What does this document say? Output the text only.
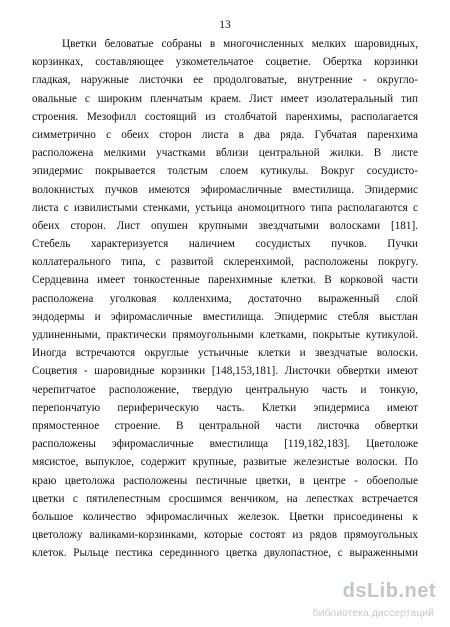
13
Цветки беловатые собраны в многочисленных мелких шаровидных,
корзинках, составляющее узкометельчатое соцветие. Обертка корзинки
гладкая, наружные листочки ее продолговатые, внутренние - округло-
овальные с широким пленчатым краем. Лист имеет изолатеральный тип
строения. Мезофилл состоящий из столбчатой паренхимы, располагается
симметрично с обеих сторон листа в два ряда. Губчатая паренхима
расположена мелкими участками вблизи центральной жилки. В листе
эпидермис покрывается толстым слоем кутикулы. Вокруг сосудисто-
волокнистых пучков имеются эфиромасличные вместилища. Эпидермис
листа с извилистыми стенками, устьица аномоцитного типа располагаются с
обеих сторон. Лист опушен крупными звездчатыми волосками [181].
Стебель характеризуется наличием сосудистых пучков. Пучки
коллатерального типа, с развитой склеренхимой, расположены покругу.
Сердцевина имеет тонкостенные паренхимные клетки. В корковой части
расположена уголковая колленхима, достаточно выраженный слой
эндодермы и эфиромасличные вместилища. Эпидермис стебля выстлан
удлиненными, практически прямоугольными клетками, покрытые кутикулой.
Иногда встречаются округлые устьичные клетки и звездчатые волоски.
Соцветия - шаровидные корзинки [148,153,181]. Листочки обвертки имеют
черепитчатое расположение, твердую центральную часть и тонкую,
перепончатую периферическую часть. Клетки эпидермиса имеют
прямостенное строение. В центральной части листочка обвертки
расположены эфиромасличные вместилища [119,182,183]. Цветоложе
мясистое, выпуклое, содержит крупные, развитые железистые волоски. По
краю цветоложа расположены пестичные цветки, в центре - обоеполые
цветки с пятилепестным сросшимся венчиком, на лепестках встречается
большое количество эфиромасличных железок. Цветки присоединены к
цветоложу валиками-корзинками, которые состоят из рядов прямоугольных
клеток. Рыльце пестика серединного цветка двулопастное, с выраженными
dsLib.net
библиотека диссертаций
